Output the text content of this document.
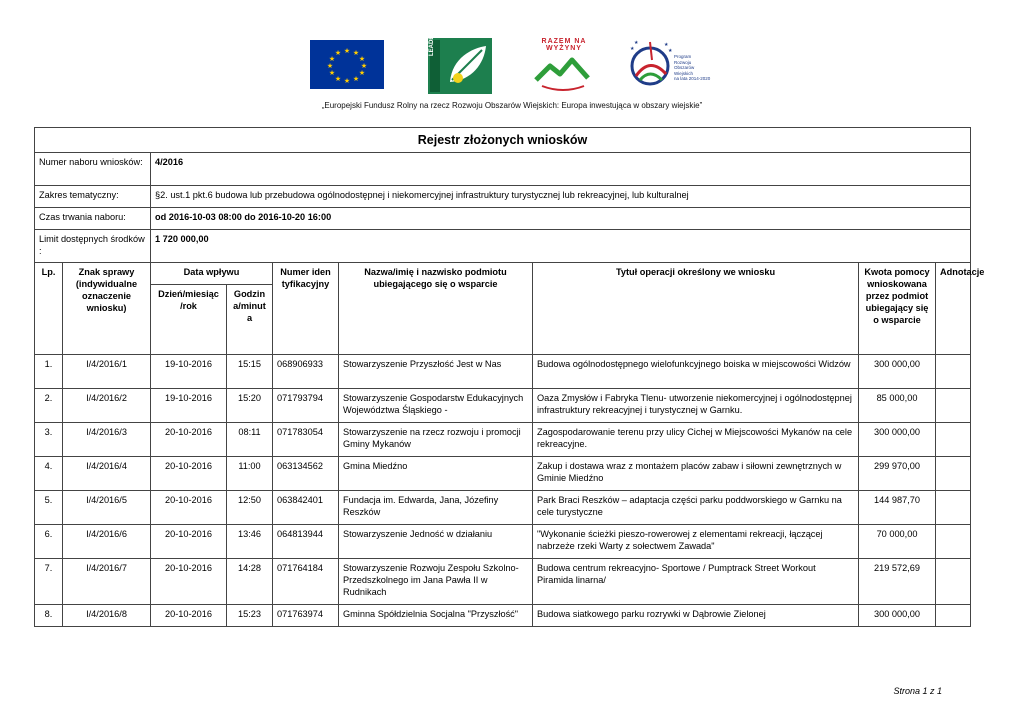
★ ★
★
★
★
★
★
★
★
★
★
★
RAZEM NA WYŻYNY	★
★	★
★
Program
Rozwoju
Obszarów
Wiejskich
na lata 2014-2020
„Europejski Fundusz Rolny na rzecz Rozwoju Obszarów Wiejskich: Europa inwestująca w obszary wiejskie”
Rejestr złożonych wniosków								
Numer naboru wniosków:		4/2016						
Zakres tematyczny:		§2. ust.1 pkt.6 budowa lub przebudowa ogólnodostępnej i niekomercyjnej infrastruktury turystycznej lub rekreacyjnej, lub kulturalnej						
Czas trwania naboru:		od 2016-10-03 08:00 do 2016-10-20 16:00						
Limit dostępnych środków :		1 720 000,00						
Lp.	Znak sprawy (indywidualne oznaczenie wniosku)	Data wpływu		Numer iden tyfikacyjny	Nazwa/imię i nazwisko podmiotu ubiegającego się o wsparcie	Tytuł operacji określony we wniosku	Kwota pomocy wnioskowana przez podmiot ubiegający się o wsparcie	Adnotacje
		Dzień/miesiąc /rok	Godzin a/minut a					
1.	I/4/2016/1	19-10-2016	15:15	068906933	Stowarzyszenie Przyszłość Jest w Nas	Budowa ogólnodostępnego wielofunkcyjnego boiska w miejscowości Widzów	300 000,00	
2.	I/4/2016/2	19-10-2016	15:20	071793794	Stowarzyszenie Gospodarstw Edukacyjnych Województwa Śląskiego -	Oaza Zmysłów i Fabryka Tlenu- utworzenie niekomercyjnej i ogólnodostępnej infrastruktury rekreacyjnej i turystycznej w Garnku.	85 000,00	
3.	I/4/2016/3	20-10-2016	08:11	071783054	Stowarzyszenie na rzecz rozwoju i promocji Gminy Mykanów	Zagospodarowanie terenu przy ulicy Cichej w Miejscowości Mykanów na cele rekreacyjne.	300 000,00	
4.	I/4/2016/4	20-10-2016	11:00	063134562	Gmina Miedźno	Zakup i dostawa wraz z montażem placów zabaw i siłowni zewnętrznych w Gminie Miedźno	299 970,00	
5.	I/4/2016/5	20-10-2016	12:50	063842401	Fundacja im. Edwarda, Jana, Józefiny Reszków	Park Braci Reszków – adaptacja części parku poddworskiego w Garnku na cele turystyczne	144 987,70	
6.	I/4/2016/6	20-10-2016	13:46	064813944	Stowarzyszenie Jedność w działaniu	"Wykonanie ścieżki pieszo-rowerowej z elementami rekreacji, łączącej nabrzeże rzeki Warty z sołectwem Zawada"	70 000,00	
7.	I/4/2016/7	20-10-2016	14:28	071764184	Stowarzyszenie Rozwoju Zespołu Szkolno-Przedszkolnego im Jana Pawła II w Rudnikach	Budowa centrum rekreacyjno- Sportowe / Pumptrack Street Workout Piramida linarna/	219 572,69	
8.	I/4/2016/8	20-10-2016	15:23	071763974	Gminna Spółdzielnia Socjalna "Przyszłość"	Budowa siatkowego parku rozrywki w Dąbrowie Zielonej	300 000,00	
Strona 1 z 1
